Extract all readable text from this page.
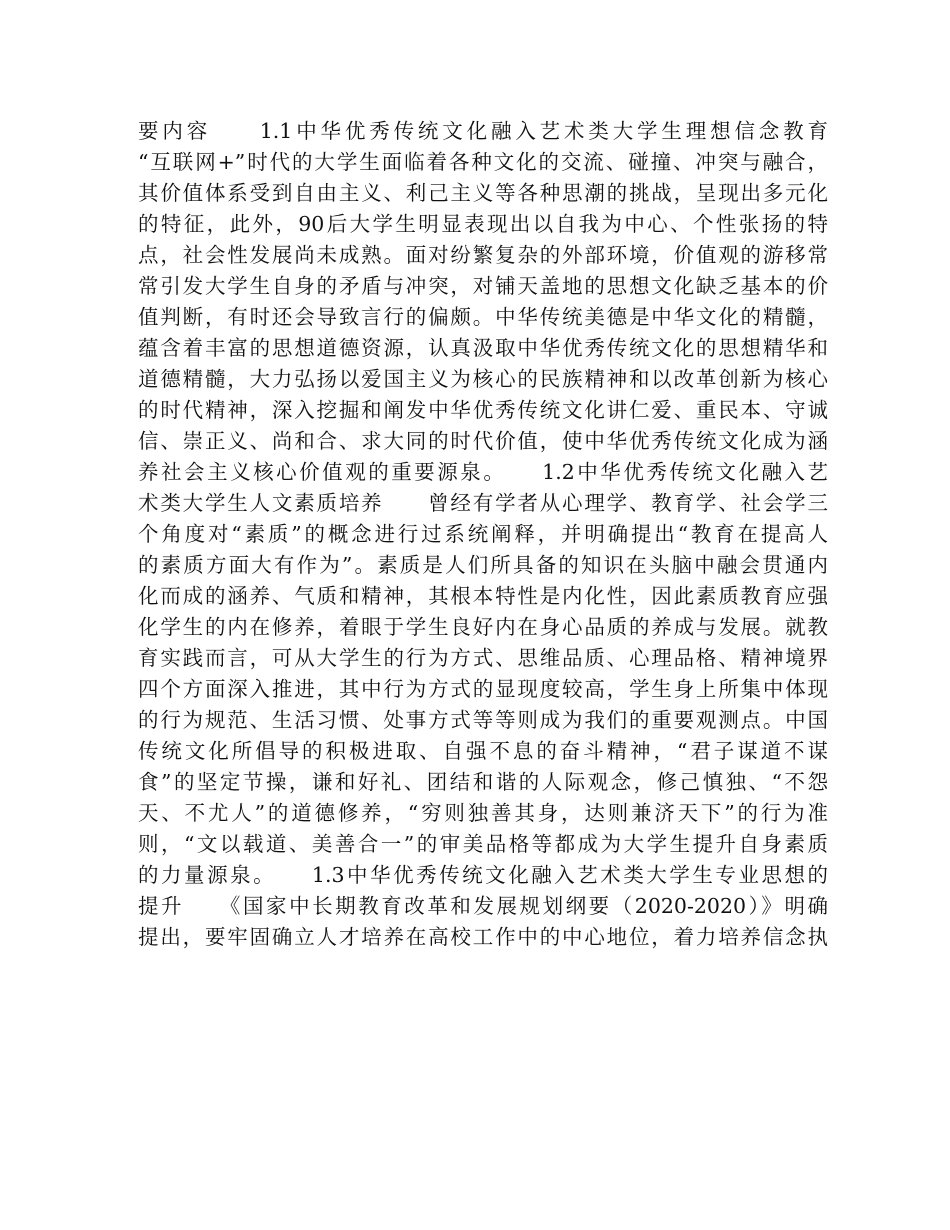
要内容　　1.1中华优秀传统文化融入艺术类大学生理想信念教育
“互联网+”时代的大学生面临着各种文化的交流、碰撞、冲突与融合，
其价值体系受到自由主义、利己主义等各种思潮的挑战，呈现出多元化
的特征，此外，90后大学生明显表现出以自我为中心、个性张扬的特
点，社会性发展尚未成熟。面对纷繁复杂的外部环境，价值观的游移常
常引发大学生自身的矛盾与冲突，对铺天盖地的思想文化缺乏基本的价
值判断，有时还会导致言行的偏颇。中华传统美德是中华文化的精髓，
蕴含着丰富的思想道德资源，认真汲取中华优秀传统文化的思想精华和
道德精髓，大力弘扬以爱国主义为核心的民族精神和以改革创新为核心
的时代精神，深入挖掘和阐发中华优秀传统文化讲仁爱、重民本、守诚
信、崇正义、尚和合、求大同的时代价值，使中华优秀传统文化成为涵
养社会主义核心价值观的重要源泉。　　1.2中华优秀传统文化融入艺
术类大学生人文素质培养　　曾经有学者从心理学、教育学、社会学三
个角度对“素质”的概念进行过系统阐释，并明确提出“教育在提高人
的素质方面大有作为”。素质是人们所具备的知识在头脑中融会贯通内
化而成的涵养、气质和精神，其根本特性是内化性，因此素质教育应强
化学生的内在修养，着眼于学生良好内在身心品质的养成与发展。就教
育实践而言，可从大学生的行为方式、思维品质、心理品格、精神境界
四个方面深入推进，其中行为方式的显现度较高，学生身上所集中体现
的行为规范、生活习惯、处事方式等等则成为我们的重要观测点。中国
传统文化所倡导的积极进取、自强不息的奋斗精神，“君子谋道不谋
食”的坚定节操，谦和好礼、团结和谐的人际观念，修己慎独、“不怨
天、不尤人”的道德修养，“穷则独善其身，达则兼济天下”的行为准
则，“文以载道、美善合一”的审美品格等都成为大学生提升自身素质
的力量源泉。　　1.3中华优秀传统文化融入艺术类大学生专业思想的
提升　　《国家中长期教育改革和发展规划纲要（2020-2020）》明确
提出，要牢固确立人才培养在高校工作中的中心地位，着力培养信念执
